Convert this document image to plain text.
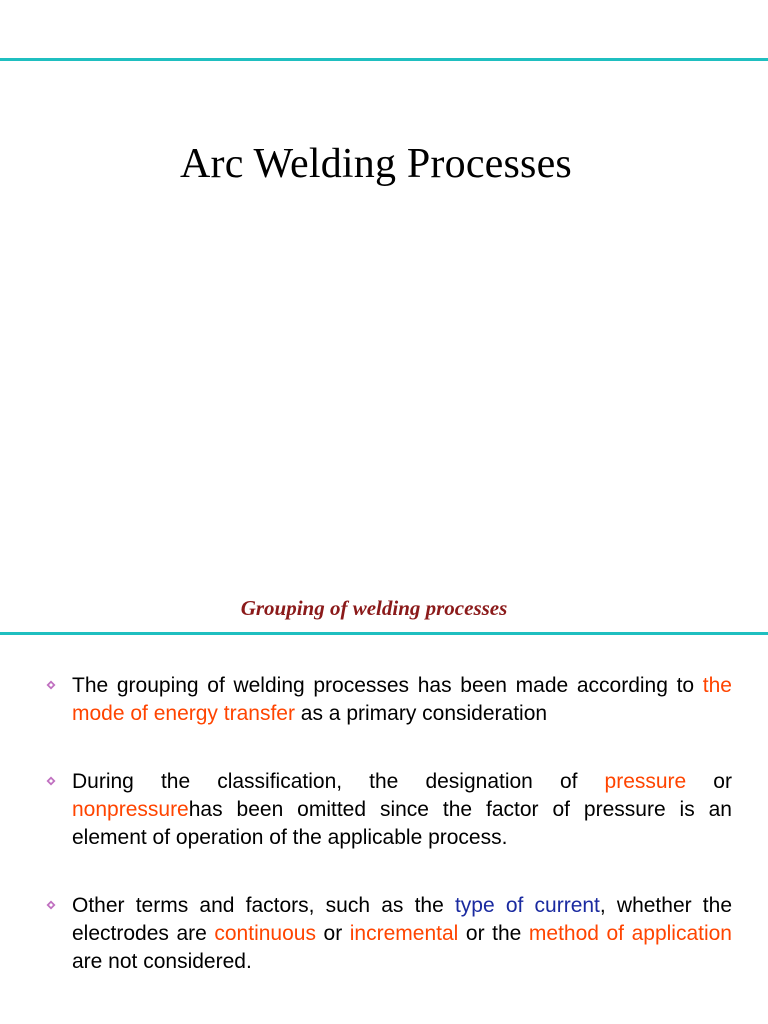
Arc Welding Processes
Grouping of welding processes
The grouping of welding processes has been made according to the mode of energy transfer as a primary consideration
During the classification, the designation of pressure or nonpressurehas been omitted since the factor of pressure is an element of operation of the applicable process.
Other terms and factors, such as the type of current, whether the electrodes are continuous or incremental or the method of application are not considered.
